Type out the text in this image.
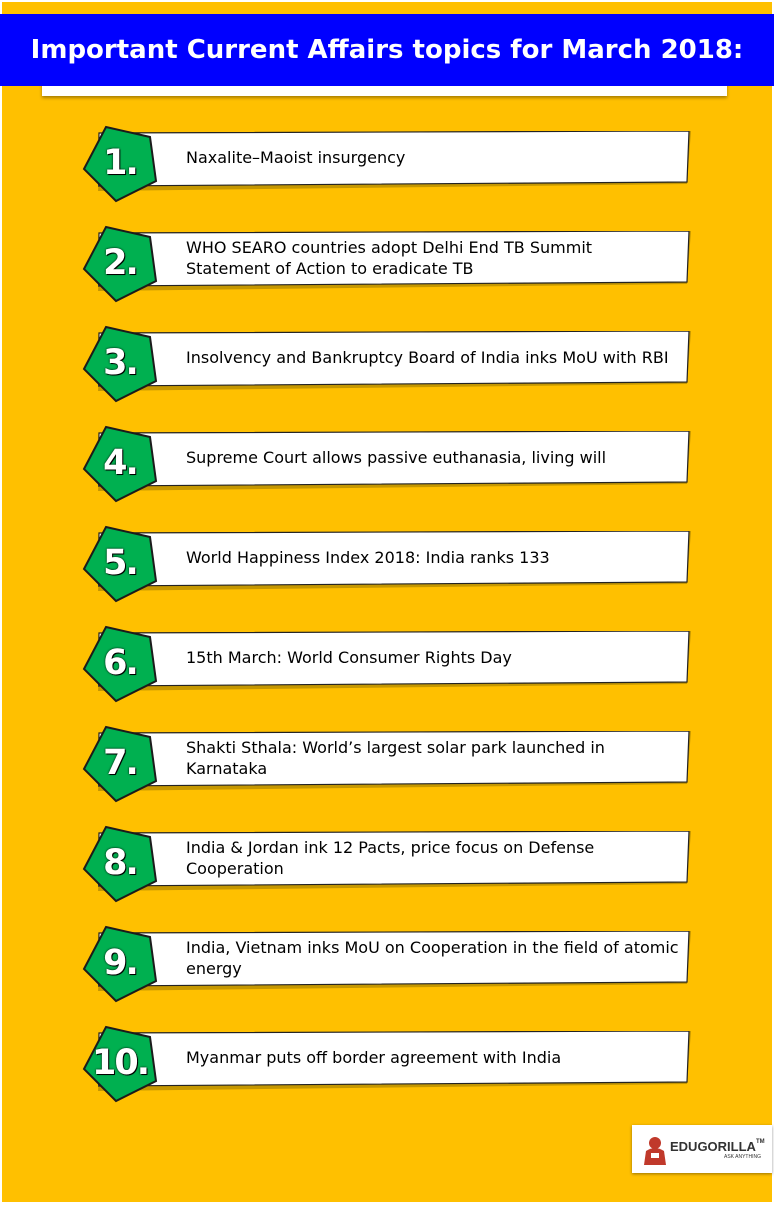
Important Current Affairs topics for March 2018:
Naxalite–Maoist insurgency
1.
WHO SEARO countries adopt Delhi End TB Summit Statement of Action to eradicate TB
2.
Insolvency and Bankruptcy Board of India inks MoU with RBI
3.
Supreme Court allows passive euthanasia, living will
4.
World Happiness Index 2018: India ranks 133
5.
15th March: World Consumer Rights Day
6.
Shakti Sthala: World’s largest solar park launched in Karnataka
7.
India & Jordan ink 12 Pacts, price focus on Defense Cooperation
8.
India, Vietnam inks MoU on Cooperation in the field of atomic energy
9.
Myanmar puts off border agreement with India
10.
EDUGORILLA™
ASK ANYTHING
